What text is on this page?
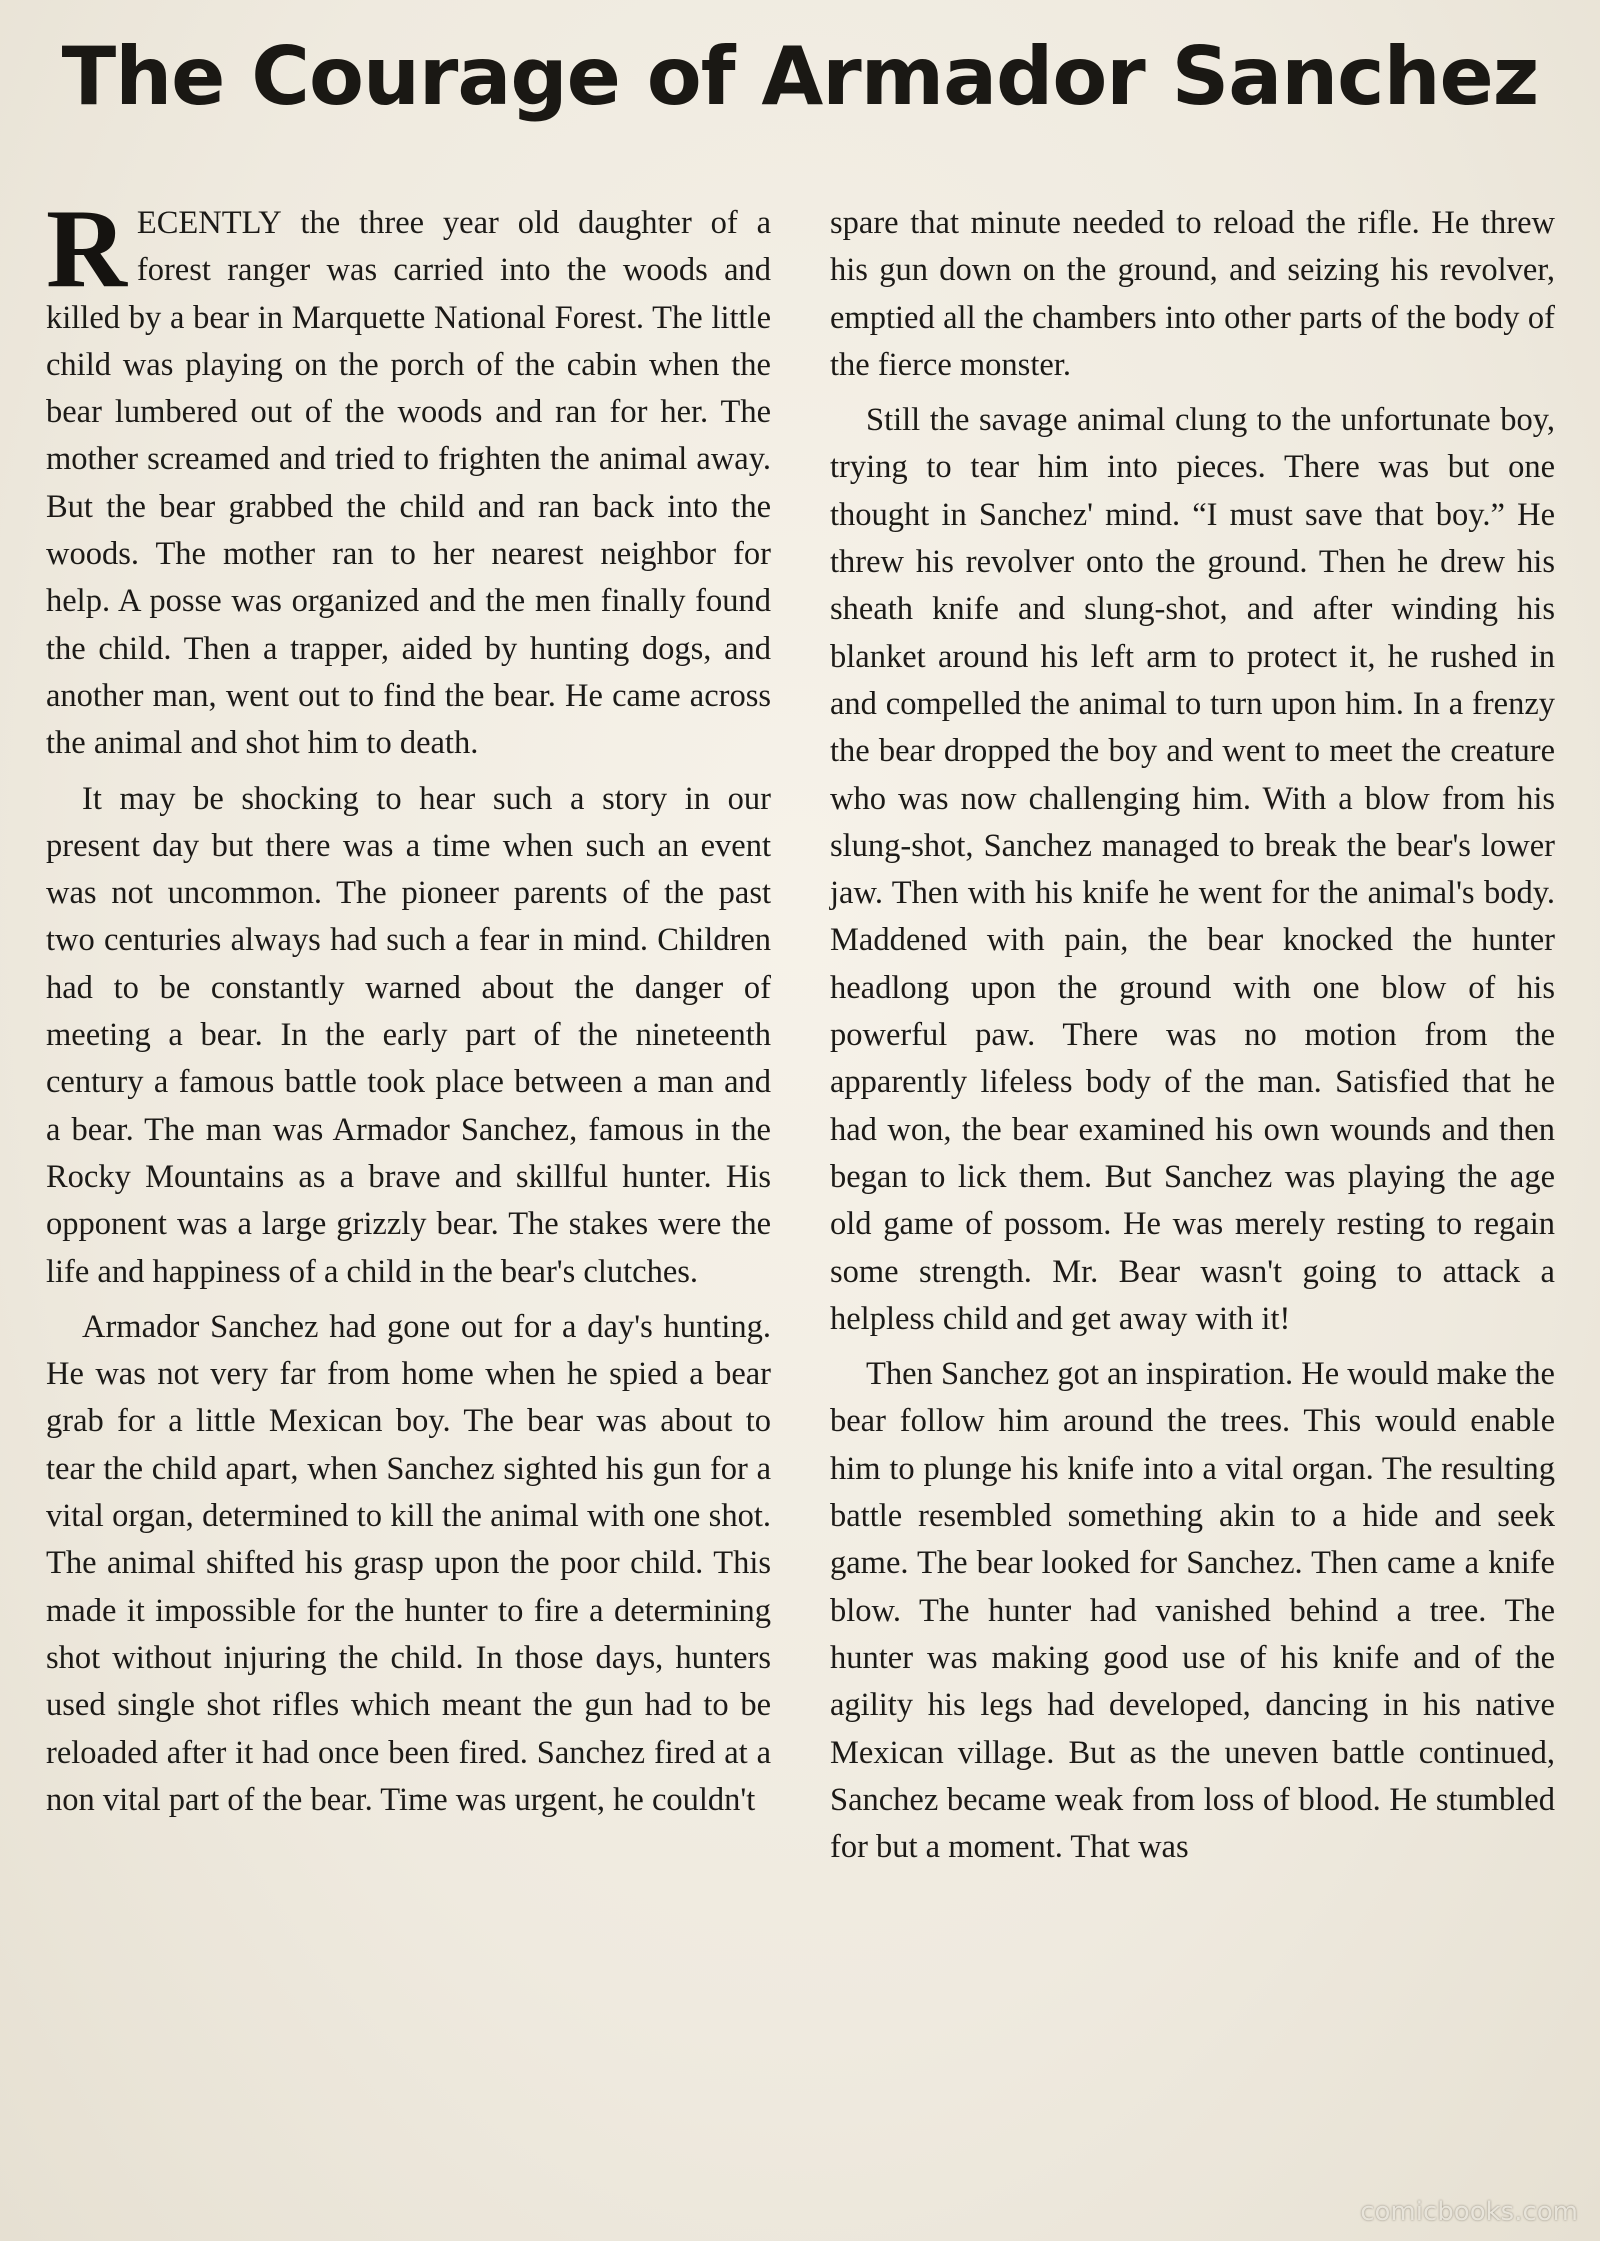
The Courage of Armador Sanchez

RECENTLY the three year old daughter of a forest ranger was carried into the woods and killed by a bear in Marquette National Forest. The little child was playing on the porch of the cabin when the bear lumbered out of the woods and ran for her. The mother screamed and tried to frighten the animal away. But the bear grabbed the child and ran back into the woods. The mother ran to her nearest neighbor for help. A posse was organized and the men finally found the child. Then a trapper, aided by hunting dogs, and another man, went out to find the bear. He came across the animal and shot him to death.

It may be shocking to hear such a story in our present day but there was a time when such an event was not uncommon. The pioneer parents of the past two centuries always had such a fear in mind. Children had to be constantly warned about the danger of meeting a bear. In the early part of the nineteenth century a famous battle took place between a man and a bear. The man was Armador Sanchez, famous in the Rocky Mountains as a brave and skillful hunter. His opponent was a large grizzly bear. The stakes were the life and happiness of a child in the bear's clutches.

Armador Sanchez had gone out for a day's hunting. He was not very far from home when he spied a bear grab for a little Mexican boy. The bear was about to tear the child apart, when Sanchez sighted his gun for a vital organ, determined to kill the animal with one shot. The animal shifted his grasp upon the poor child. This made it impossible for the hunter to fire a determining shot without injuring the child. In those days, hunters used single shot rifles which meant the gun had to be reloaded after it had once been fired. Sanchez fired at a non vital part of the bear. Time was urgent, he couldn't

spare that minute needed to reload the rifle. He threw his gun down on the ground, and seizing his revolver, emptied all the chambers into other parts of the body of the fierce monster.

Still the savage animal clung to the unfortunate boy, trying to tear him into pieces. There was but one thought in Sanchez' mind. “I must save that boy.” He threw his revolver onto the ground. Then he drew his sheath knife and slung-shot, and after winding his blanket around his left arm to protect it, he rushed in and compelled the animal to turn upon him. In a frenzy the bear dropped the boy and went to meet the creature who was now challenging him. With a blow from his slung-shot, Sanchez managed to break the bear's lower jaw. Then with his knife he went for the animal's body. Maddened with pain, the bear knocked the hunter headlong upon the ground with one blow of his powerful paw. There was no motion from the apparently lifeless body of the man. Satisfied that he had won, the bear examined his own wounds and then began to lick them. But Sanchez was playing the age old game of possom. He was merely resting to regain some strength. Mr. Bear wasn't going to attack a helpless child and get away with it!

Then Sanchez got an inspiration. He would make the bear follow him around the trees. This would enable him to plunge his knife into a vital organ. The resulting battle resembled something akin to a hide and seek game. The bear looked for Sanchez. Then came a knife blow. The hunter had vanished behind a tree. The hunter was making good use of his knife and of the agility his legs had developed, dancing in his native Mexican village. But as the uneven battle continued, Sanchez became weak from loss of blood. He stumbled for but a moment. That was

comicbooks.com
